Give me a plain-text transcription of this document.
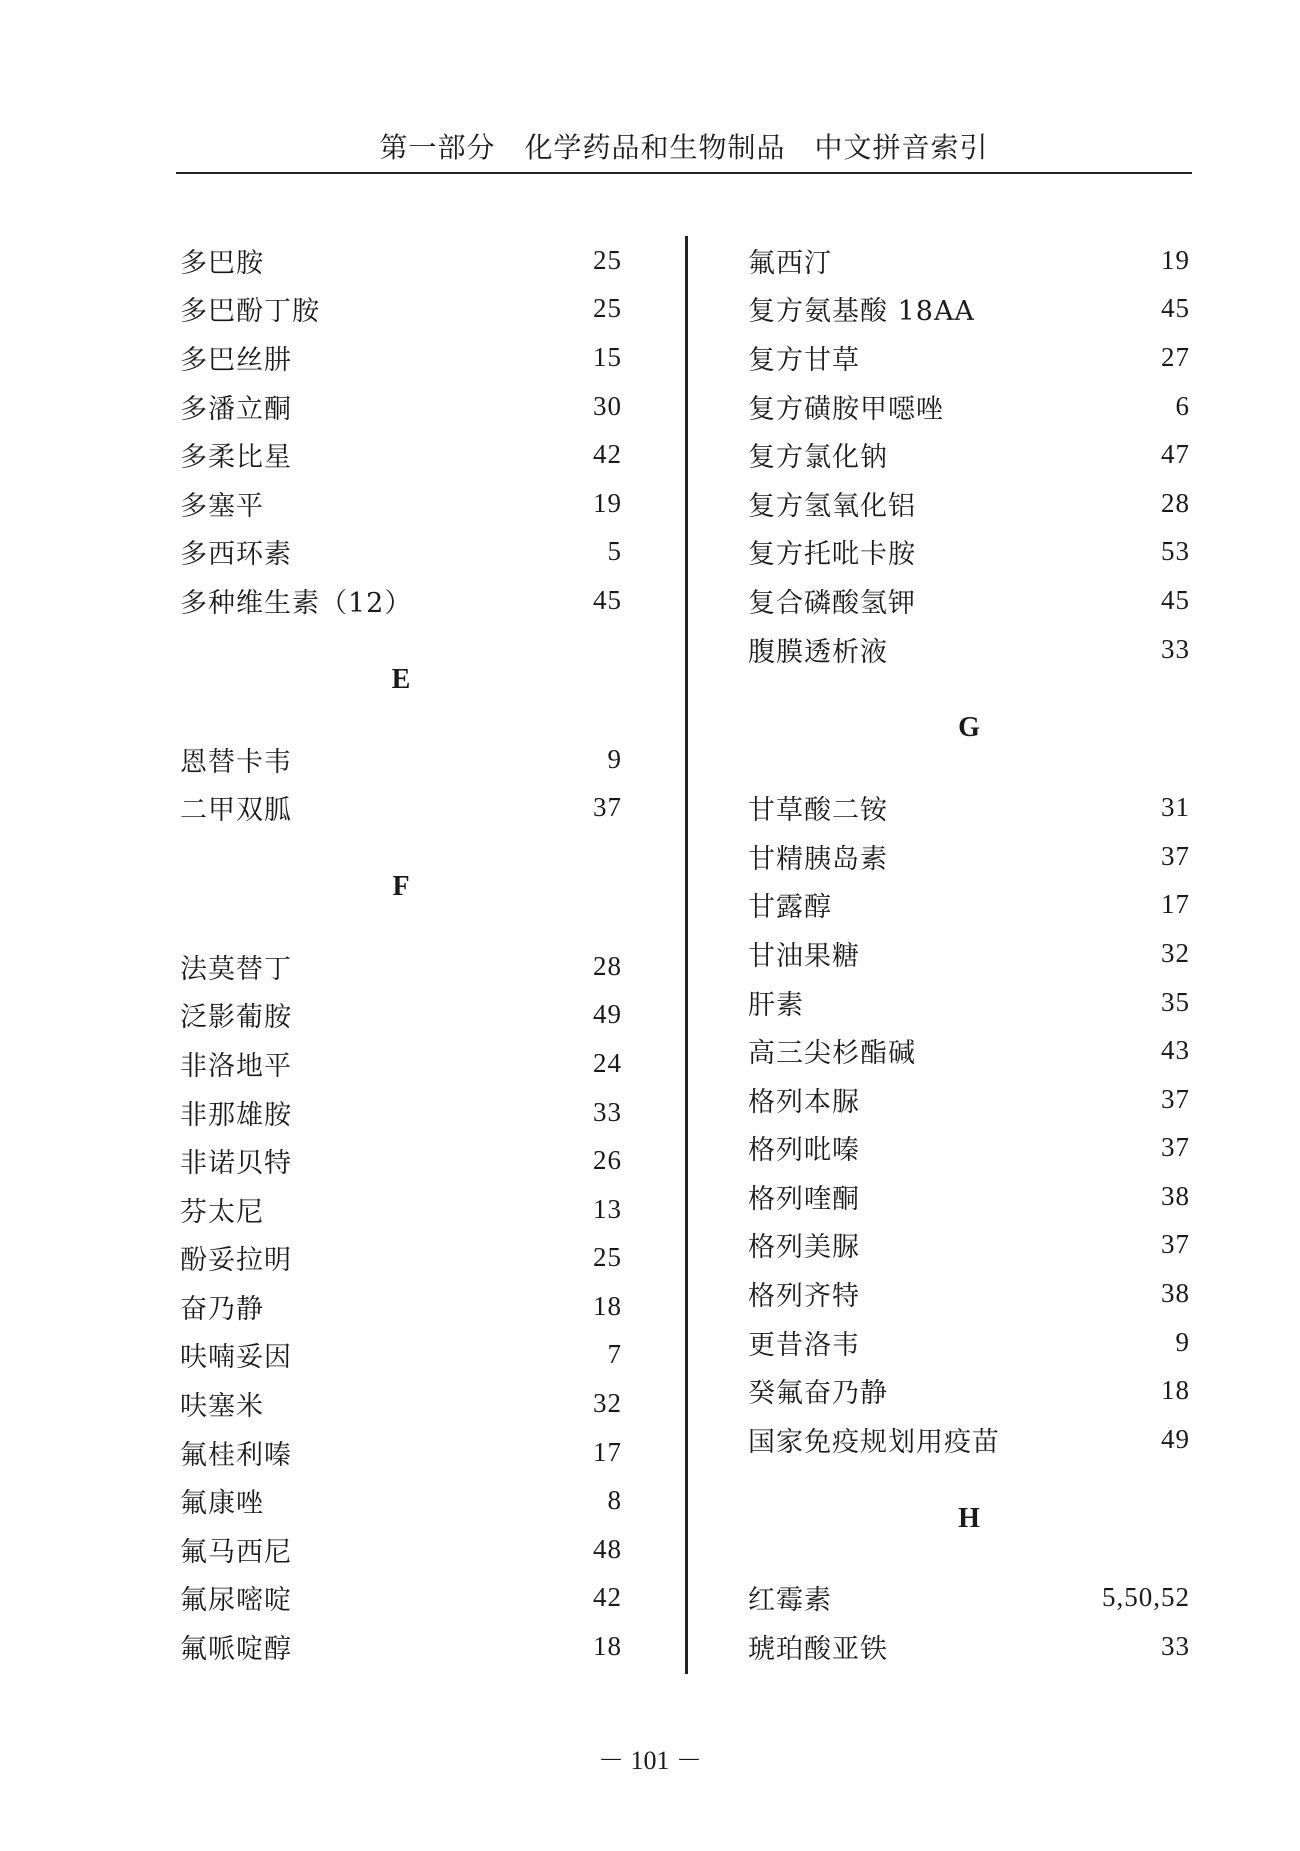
第一部分　化学药品和生物制品　中文拼音索引
多巴胺	25
多巴酚丁胺	25
多巴丝肼	15
多潘立酮	30
多柔比星	42
多塞平	19
多西环素	5
多种维生素（12）	45
E
恩替卡韦	9
二甲双胍	37
F
法莫替丁	28
泛影葡胺	49
非洛地平	24
非那雄胺	33
非诺贝特	26
芬太尼	13
酚妥拉明	25
奋乃静	18
呋喃妥因	7
呋塞米	32
氟桂利嗪	17
氟康唑	8
氟马西尼	48
氟尿嘧啶	42
氟哌啶醇	18
氟西汀	19
复方氨基酸 18AA	45
复方甘草	27
复方磺胺甲噁唑	6
复方氯化钠	47
复方氢氧化铝	28
复方托吡卡胺	53
复合磷酸氢钾	45
腹膜透析液	33
G
甘草酸二铵	31
甘精胰岛素	37
甘露醇	17
甘油果糖	32
肝素	35
高三尖杉酯碱	43
格列本脲	37
格列吡嗪	37
格列喹酮	38
格列美脲	37
格列齐特	38
更昔洛韦	9
癸氟奋乃静	18
国家免疫规划用疫苗	49
H
红霉素	5,50,52
琥珀酸亚铁	33
－ 101 －
